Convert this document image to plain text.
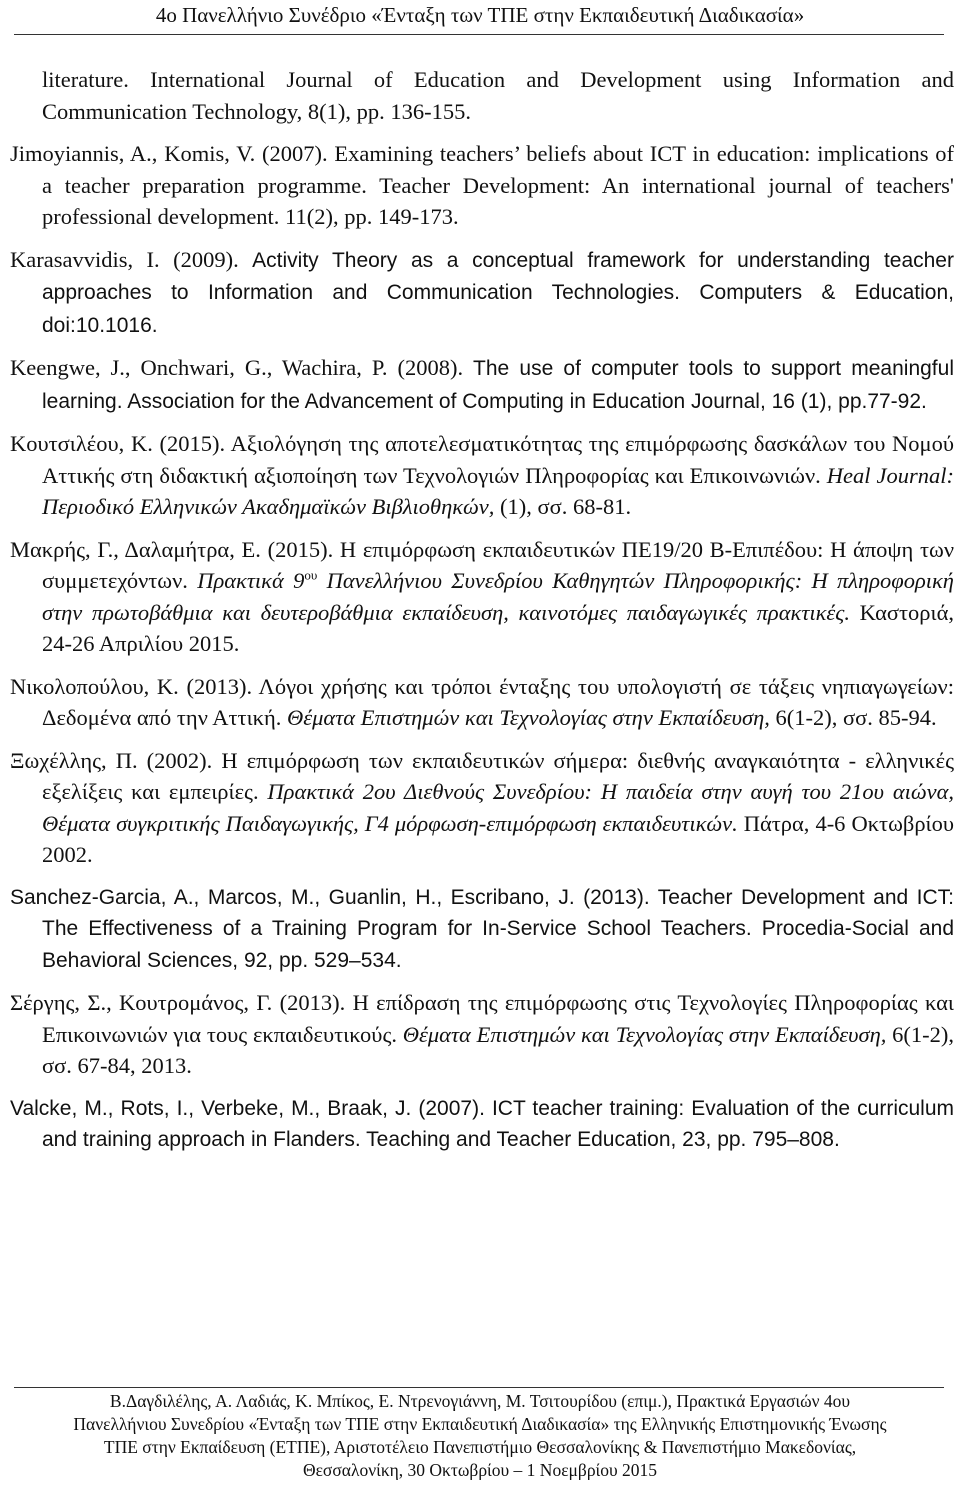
4ο Πανελλήνιο Συνέδριο «Ένταξη των ΤΠΕ στην Εκπαιδευτική Διαδικασία»

literature. International Journal of Education and Development using Information and Communication Technology, 8(1), pp. 136-155.

Jimoyiannis, A., Komis, V. (2007). Examining teachers’ beliefs about ICT in education: implications of a teacher preparation programme. Teacher Development: An international journal of teachers' professional development. 11(2), pp. 149-173.

Karasavvidis, I. (2009). Activity Theory as a conceptual framework for understanding teacher approaches to Information and Communication Technologies. Computers & Education, doi:10.1016.

Keengwe, J., Onchwari, G., Wachira, P. (2008). The use of computer tools to support meaningful learning. Association for the Advancement of Computing in Education Journal, 16 (1), pp.77-92.

Κουτσιλέου, Κ. (2015). Αξιολόγηση της αποτελεσματικότητας της επιμόρφωσης δασκάλων του Νομού Αττικής στη διδακτική αξιοποίηση των Τεχνολογιών Πληροφορίας και Επικοινωνιών. Heal Journal: Περιοδικό Ελληνικών Ακαδημαϊκών Βιβλιοθηκών, (1), σσ. 68-81.

Μακρής, Γ., Δαλαμήτρα, Ε. (2015). Η επιμόρφωση εκπαιδευτικών ΠΕ19/20 Β-Επιπέδου: Η άποψη των συμμετεχόντων. Πρακτικά $9^{o\upsilon}$ Πανελλήνιου Συνεδρίου Καθηγητών Πληροφορικής: Η πληροφορική στην πρωτοβάθμια και δευτεροβάθμια εκπαίδευση, καινοτόμες παιδαγωγικές πρακτικές. Καστοριά, 24-26 Απριλίου 2015.

Νικολοπούλου, Κ. (2013). Λόγοι χρήσης και τρόποι ένταξης του υπολογιστή σε τάξεις νηπιαγωγείων: Δεδομένα από την Αττική. Θέματα Επιστημών και Τεχνολογίας στην Εκπαίδευση, 6(1-2), σσ. 85-94.

Ξωχέλλης, Π. (2002). Η επιμόρφωση των εκπαιδευτικών σήμερα: διεθνής αναγκαιότητα - ελληνικές εξελίξεις και εμπειρίες. Πρακτικά 2ου Διεθνούς Συνεδρίου: Η παιδεία στην αυγή του 21ου αιώνα, Θέματα συγκριτικής Παιδαγωγικής, Γ4 μόρφωση-επιμόρφωση εκπαιδευτικών. Πάτρα, 4-6 Οκτωβρίου 2002.

Sanchez-Garcia, A., Marcos, M., Guanlin, H., Escribano, J. (2013). Teacher Development and ICT: The Effectiveness of a Training Program for In-Service School Teachers. Procedia-Social and Behavioral Sciences, 92, pp. 529–534.

Σέργης, Σ., Κουτρομάνος, Γ. (2013). Η επίδραση της επιμόρφωσης στις Τεχνολογίες Πληροφορίας και Επικοινωνιών για τους εκπαιδευτικούς. Θέματα Επιστημών και Τεχνολογίας στην Εκπαίδευση, 6(1-2), σσ. 67-84, 2013.

Valcke, M., Rots, I., Verbeke, M., Braak, J. (2007). ICT teacher training: Evaluation of the curriculum and training approach in Flanders. Teaching and Teacher Education, 23, pp. 795–808.

Β.Δαγδιλέλης, Α. Λαδιάς, Κ. Μπίκος, Ε. Ντρενογιάννη, Μ. Τσιτουρίδου (επιμ.), Πρακτικά Εργασιών 4ου
Πανελλήνιου Συνεδρίου «Ένταξη των ΤΠΕ στην Εκπαιδευτική Διαδικασία» της Ελληνικής Επιστημονικής Ένωσης
ΤΠΕ στην Εκπαίδευση (ΕΤΠΕ), Αριστοτέλειο Πανεπιστήμιο Θεσσαλονίκης & Πανεπιστήμιο Μακεδονίας,
Θεσσαλονίκη, 30 Οκτωβρίου – 1 Νοεμβρίου 2015
